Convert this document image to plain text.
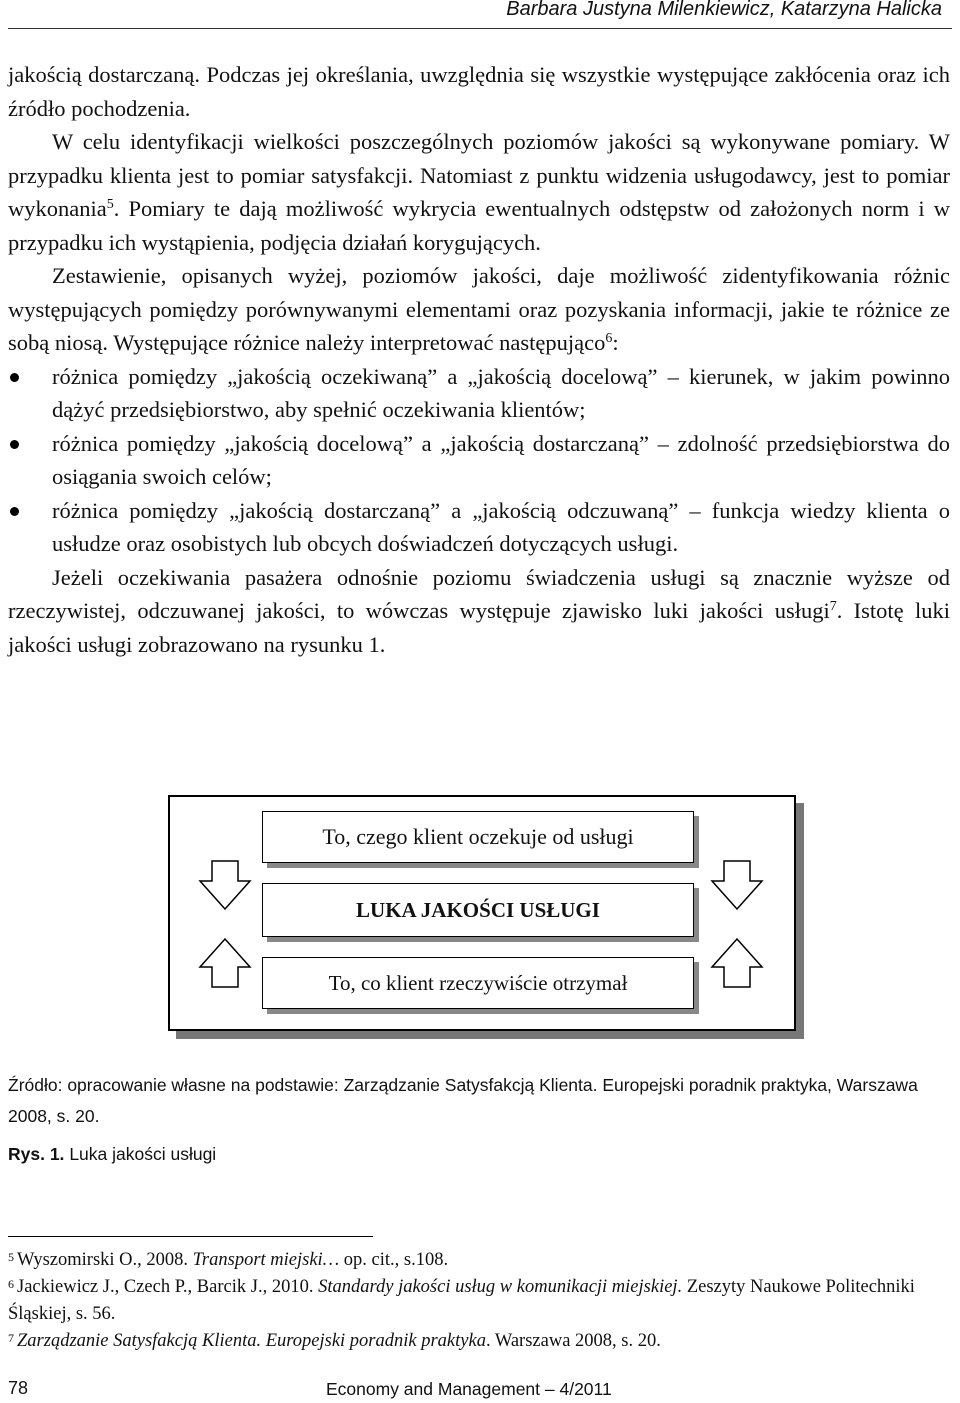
Barbara Justyna Milenkiewicz, Katarzyna Halicka

jakością dostarczaną. Podczas jej określania, uwzględnia się wszystkie występujące zakłócenia oraz ich źródło pochodzenia.

W celu identyfikacji wielkości poszczególnych poziomów jakości są wykonywane pomiary. W przypadku klienta jest to pomiar satysfakcji. Natomiast z punktu widzenia usługodawcy, jest to pomiar wykonania$^5$. Pomiary te dają możliwość wykrycia ewentualnych odstępstw od założonych norm i w przypadku ich wystąpienia, podjęcia działań korygujących.

Zestawienie, opisanych wyżej, poziomów jakości, daje możliwość zidentyfikowania różnic występujących pomiędzy porównywanymi elementami oraz pozyskania informacji, jakie te różnice ze sobą niosą. Występujące różnice należy interpretować następująco$^6$:

różnica pomiędzy „jakością oczekiwaną” a „jakością docelową” – kierunek, w jakim powinno dążyć przedsiębiorstwo, aby spełnić oczekiwania klientów;
różnica pomiędzy „jakością docelową” a „jakością dostarczaną” – zdolność przedsiębiorstwa do osiągania swoich celów;
różnica pomiędzy „jakością dostarczaną” a „jakością odczuwaną” – funkcja wiedzy klienta o usłudze oraz osobistych lub obcych doświadczeń dotyczących usługi.

Jeżeli oczekiwania pasażera odnośnie poziomu świadczenia usługi są znacznie wyższe od rzeczywistej, odczuwanej jakości, to wówczas występuje zjawisko luki jakości usługi$^7$. Istotę luki jakości usługi zobrazowano na rysunku 1.

To, czego klient oczekuje od usługi
LUKA JAKOŚCI USŁUGI
To, co klient rzeczywiście otrzymał
Źródło: opracowanie własne na podstawie: Zarządzanie Satysfakcją Klienta. Europejski poradnik praktyka, Warszawa 2008, s. 20.
Rys. 1. Luka jakości usługi

$^5$ Wyszomirski O., 2008. Transport miejski… op. cit., s.108.

$^6$ Jackiewicz J., Czech P., Barcik J., 2010. Standardy jakości usług w komunikacji miejskiej. Zeszyty Naukowe Politechniki Śląskiej, s. 56.

$^7$ Zarządzanie Satysfakcją Klienta. Europejski poradnik praktyka. Warszawa 2008, s. 20.

78	Economy and Management – 4/2011
